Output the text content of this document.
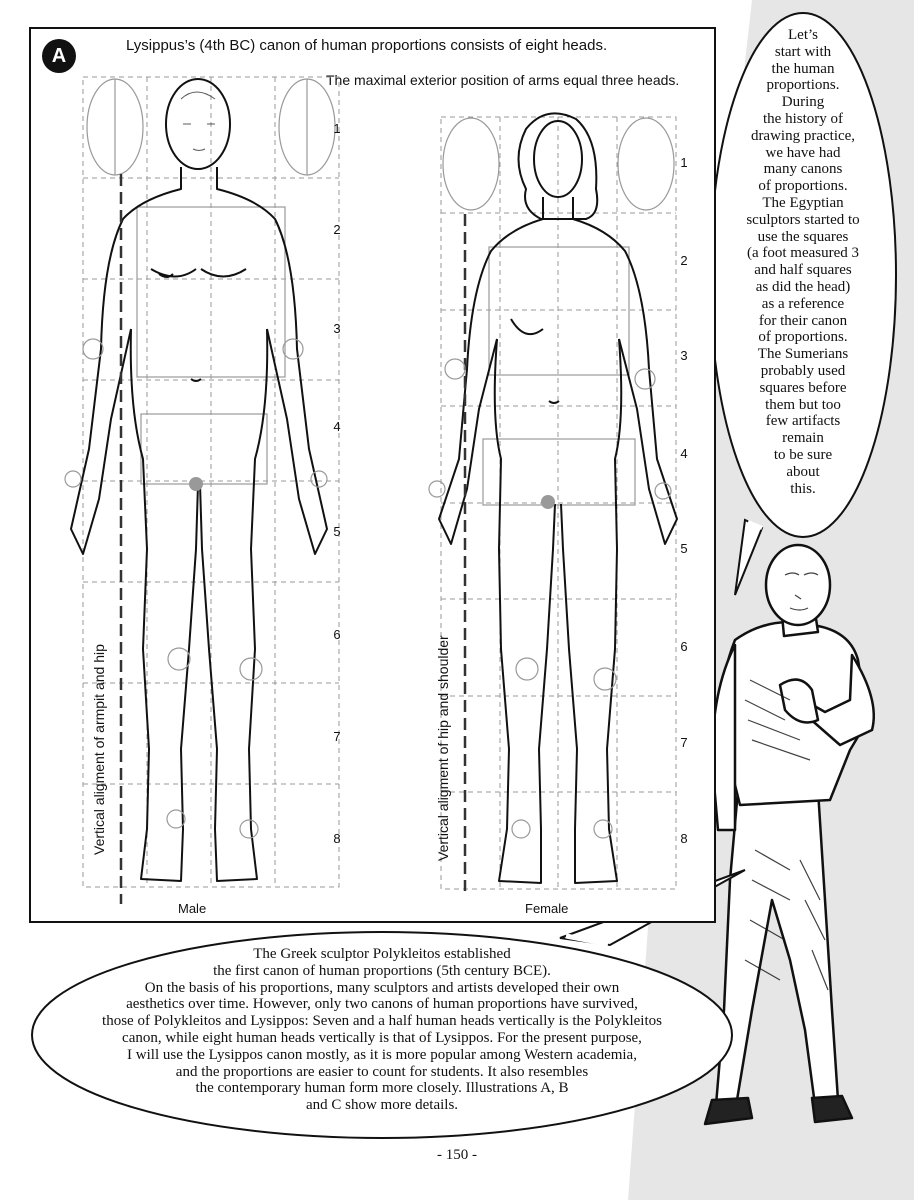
A	Lysippus’s (4th BC) canon of human proportions consists of eight heads.
The maximal exterior position of arms equal three heads.
1
2
3
4
5
6
7
8
1
2
3
4
5
6
7
8
Male	Female
Vertical aligment of armpit and hip	Vertical aligment of hip and shoulder
Let’s
start with
the human
proportions.
During
the history of
drawing practice,
we have had
many canons
of proportions.
The Egyptian
sculptors started to
use the squares
(a foot measured 3
and half squares
as did the head)
as a reference
for their canon
of proportions.
The Sumerians
probably used
squares before
them but too
few artifacts
remain
to be sure
about
this.
The Greek sculptor Polykleitos established
the first canon of human proportions (5th century BCE).
On the basis of his proportions, many sculptors and artists developed their own
aesthetics over time. However, only two canons of human proportions have survived,
those of Polykleitos and Lysippos: Seven and a half human heads vertically is the Polykleitos
canon, while eight human heads vertically is that of Lysippos. For the present purpose,
I will use the Lysippos canon mostly, as it is more popular among Western academia,
and the proportions are easier to count for students. It also resembles
the contemporary human form more closely. Illustrations A, B
and C show more details.
- 150 -
